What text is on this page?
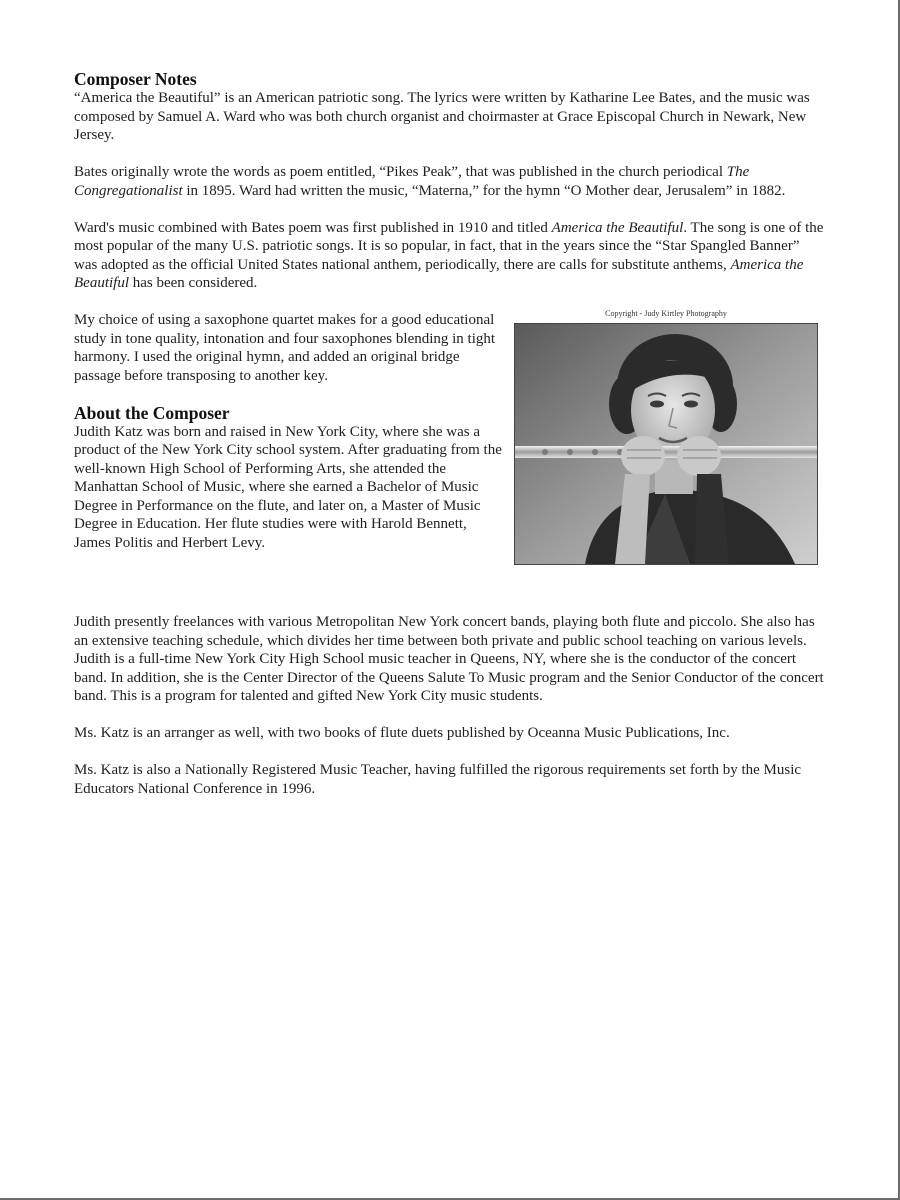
Composer Notes

“America the Beautiful” is an American patriotic song. The lyrics were written by Katharine Lee Bates, and the music was composed by Samuel A. Ward who was both church organist and choirmaster at Grace Episcopal Church in Newark, New Jersey.

Bates originally wrote the words as poem entitled, “Pikes Peak”, that was published in the church periodical The Congregationalist in 1895. Ward had written the music, “Materna,” for the hymn “O Mother dear, Jerusalem” in 1882.

Ward's music combined with Bates poem was first published in 1910 and titled America the Beautiful. The song is one of the most popular of the many U.S. patriotic songs. It is so popular, in fact, that in the years since the “Star Spangled Banner” was adopted as the official United States national anthem, periodically, there are calls for substitute anthems, America the Beautiful has been considered.

My choice of using a saxophone quartet makes for a good educational study in tone quality, intonation and four saxophones blending in tight harmony. I used the original hymn, and added an original bridge passage before transposing to another key.

About the Composer

Judith Katz was born and raised in New York City, where she was a product of the New York City school system. After graduating from the well-known High School of Performing Arts, she attended the Manhattan School of Music, where she earned a Bachelor of Music Degree in Performance on the flute, and later on, a Master of Music Degree in Education. Her flute studies were with Harold Bennett, James Politis and Herbert Levy.

Copyright - Judy Kirtley Photography

Judith presently freelances with various Metropolitan New York concert bands, playing both flute and piccolo. She also has an extensive teaching schedule, which divides her time between both private and public school teaching on various levels. Judith is a full-time New York City High School music teacher in Queens, NY, where she is the conductor of the concert band. In addition, she is the Center Director of the Queens Salute To Music program and the Senior Conductor of the concert band. This is a program for talented and gifted New York City music students.

Ms. Katz is an arranger as well, with two books of flute duets published by Oceanna Music Publications, Inc.

Ms. Katz is also a Nationally Registered Music Teacher, having fulfilled the rigorous requirements set forth by the Music Educators National Conference in 1996.
